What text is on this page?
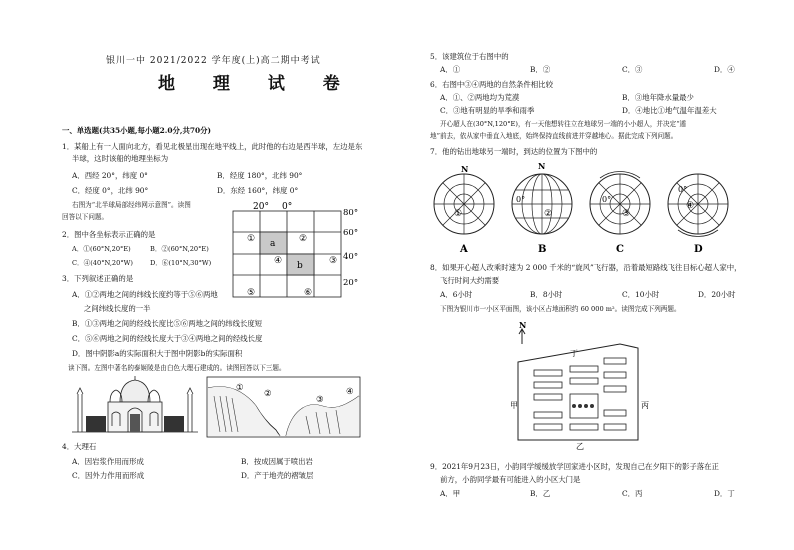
银川一中 2021/2022 学年度(上)高二期中考试
地 理 试 卷
一、单选题(共35小题,每小题2.0分,共70分)
1．某船上有一人面向北方，看见北极星出现在地平线上，此时他的右边是西半球，左边是东
半球，这时该船的地理坐标为
A．西经 20°，纬度 0°	B．经度 180°，北纬 90°
C．经度 0°，北纬 90°	D．东经 160°，纬度 0°
右图为“北半球局部经纬网示意图”。读图
回答以下问题。
20° 0°
80°
60°
40°
20°
a
b
①	②
③
④
⑤	⑥
2．图中各坐标表示正确的是
A．①(60°N,20°E)	B．②(60°N,20°E)
C．④(40°N,20°W)	D．⑥(10°N,30°W)
3．下列叙述正确的是
A．①②两地之间的纬线长度约等于⑤⑥两地
之间纬线长度的一半
B．①③两地之间的经线长度比⑤⑥两地之间的纬线长度短
C．⑤⑥两地之间的经线长度大于③④两地之间的经线长度
D．图中阴影a的实际面积大于图中阴影b的实际面积
读下图。左图中著名的泰姬陵是由白色大理石建成的。读图回答以下三题。
①
②
③
④
4．大理石
A．因岩浆作用而形成	B．按成因属于喷出岩
C．因外力作用而形成	D．产于地壳的褶皱层
5．该建筑位于右图中的
A．①	B．②	C．③	D．④
6．右图中③④两地的自然条件相比较
A．①、②两地均为荒漠	B．③地年降水量最少
C．③地有明显的旱季和雨季	D．④地比①地气温年温差大
开心超人在(30°N,120°E)，有一天他想转往立在地球另一端的小小超人，并决定“遁
地”前去，依从家中垂直入地底，始终保持直线前进并穿越地心。据此完成下列问题。
7．他的钻出地球另一端时，到达的位置为下图中的
N
①
A
N
0°
②
B
0°
③
C
0°
④
D
8．如果开心超人改乘时速为 2 000 千米的“旋风”飞行器，沿着最短路线飞往目标心超人家中，
飞行时间大约需要
A．6小时	B．8小时	C．10小时	D．20小时
下图为银川市一小区平面图，该小区占地面积约 60 000 m²。读图完成下列两题。
N
丁
甲	丙
乙
9．2021年9月23日，小韵同学缓缓放学回家进小区时，发现自己在夕阳下的影子落在正
前方，小韵同学最有可能进入的小区大门是
A．甲	B．乙	C．丙	D．丁
